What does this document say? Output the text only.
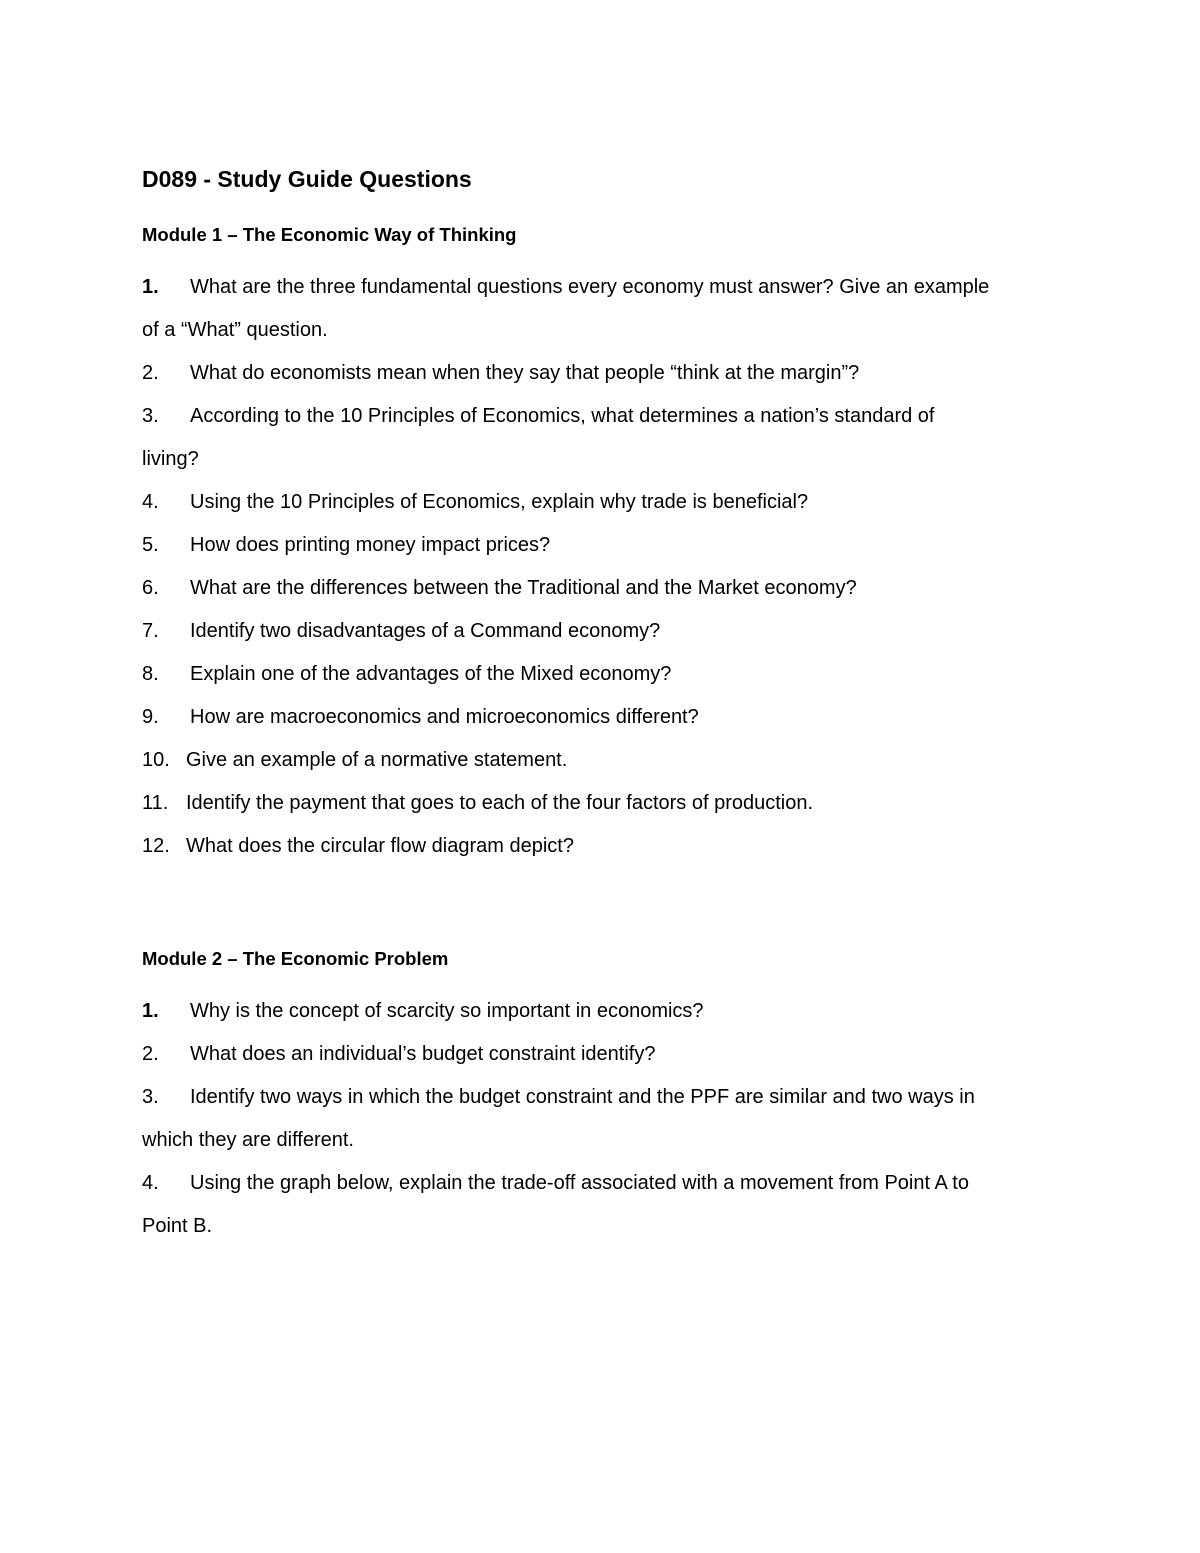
D089 - Study Guide Questions
Module 1 – The Economic Way of Thinking
1. What are the three fundamental questions every economy must answer? Give an example
of a “What” question.
2. What do economists mean when they say that people “think at the margin”?
3. According to the 10 Principles of Economics, what determines a nation’s standard of
living?
4. Using the 10 Principles of Economics, explain why trade is beneficial?
5. How does printing money impact prices?
6. What are the differences between the Traditional and the Market economy?
7. Identify two disadvantages of a Command economy?
8. Explain one of the advantages of the Mixed economy?
9. How are macroeconomics and microeconomics different?
10. Give an example of a normative statement.
11. Identify the payment that goes to each of the four factors of production.
12. What does the circular flow diagram depict?
Module 2 – The Economic Problem
1. Why is the concept of scarcity so important in economics?
2. What does an individual’s budget constraint identify?
3. Identify two ways in which the budget constraint and the PPF are similar and two ways in
which they are different.
4. Using the graph below, explain the trade-off associated with a movement from Point A to
Point B.
